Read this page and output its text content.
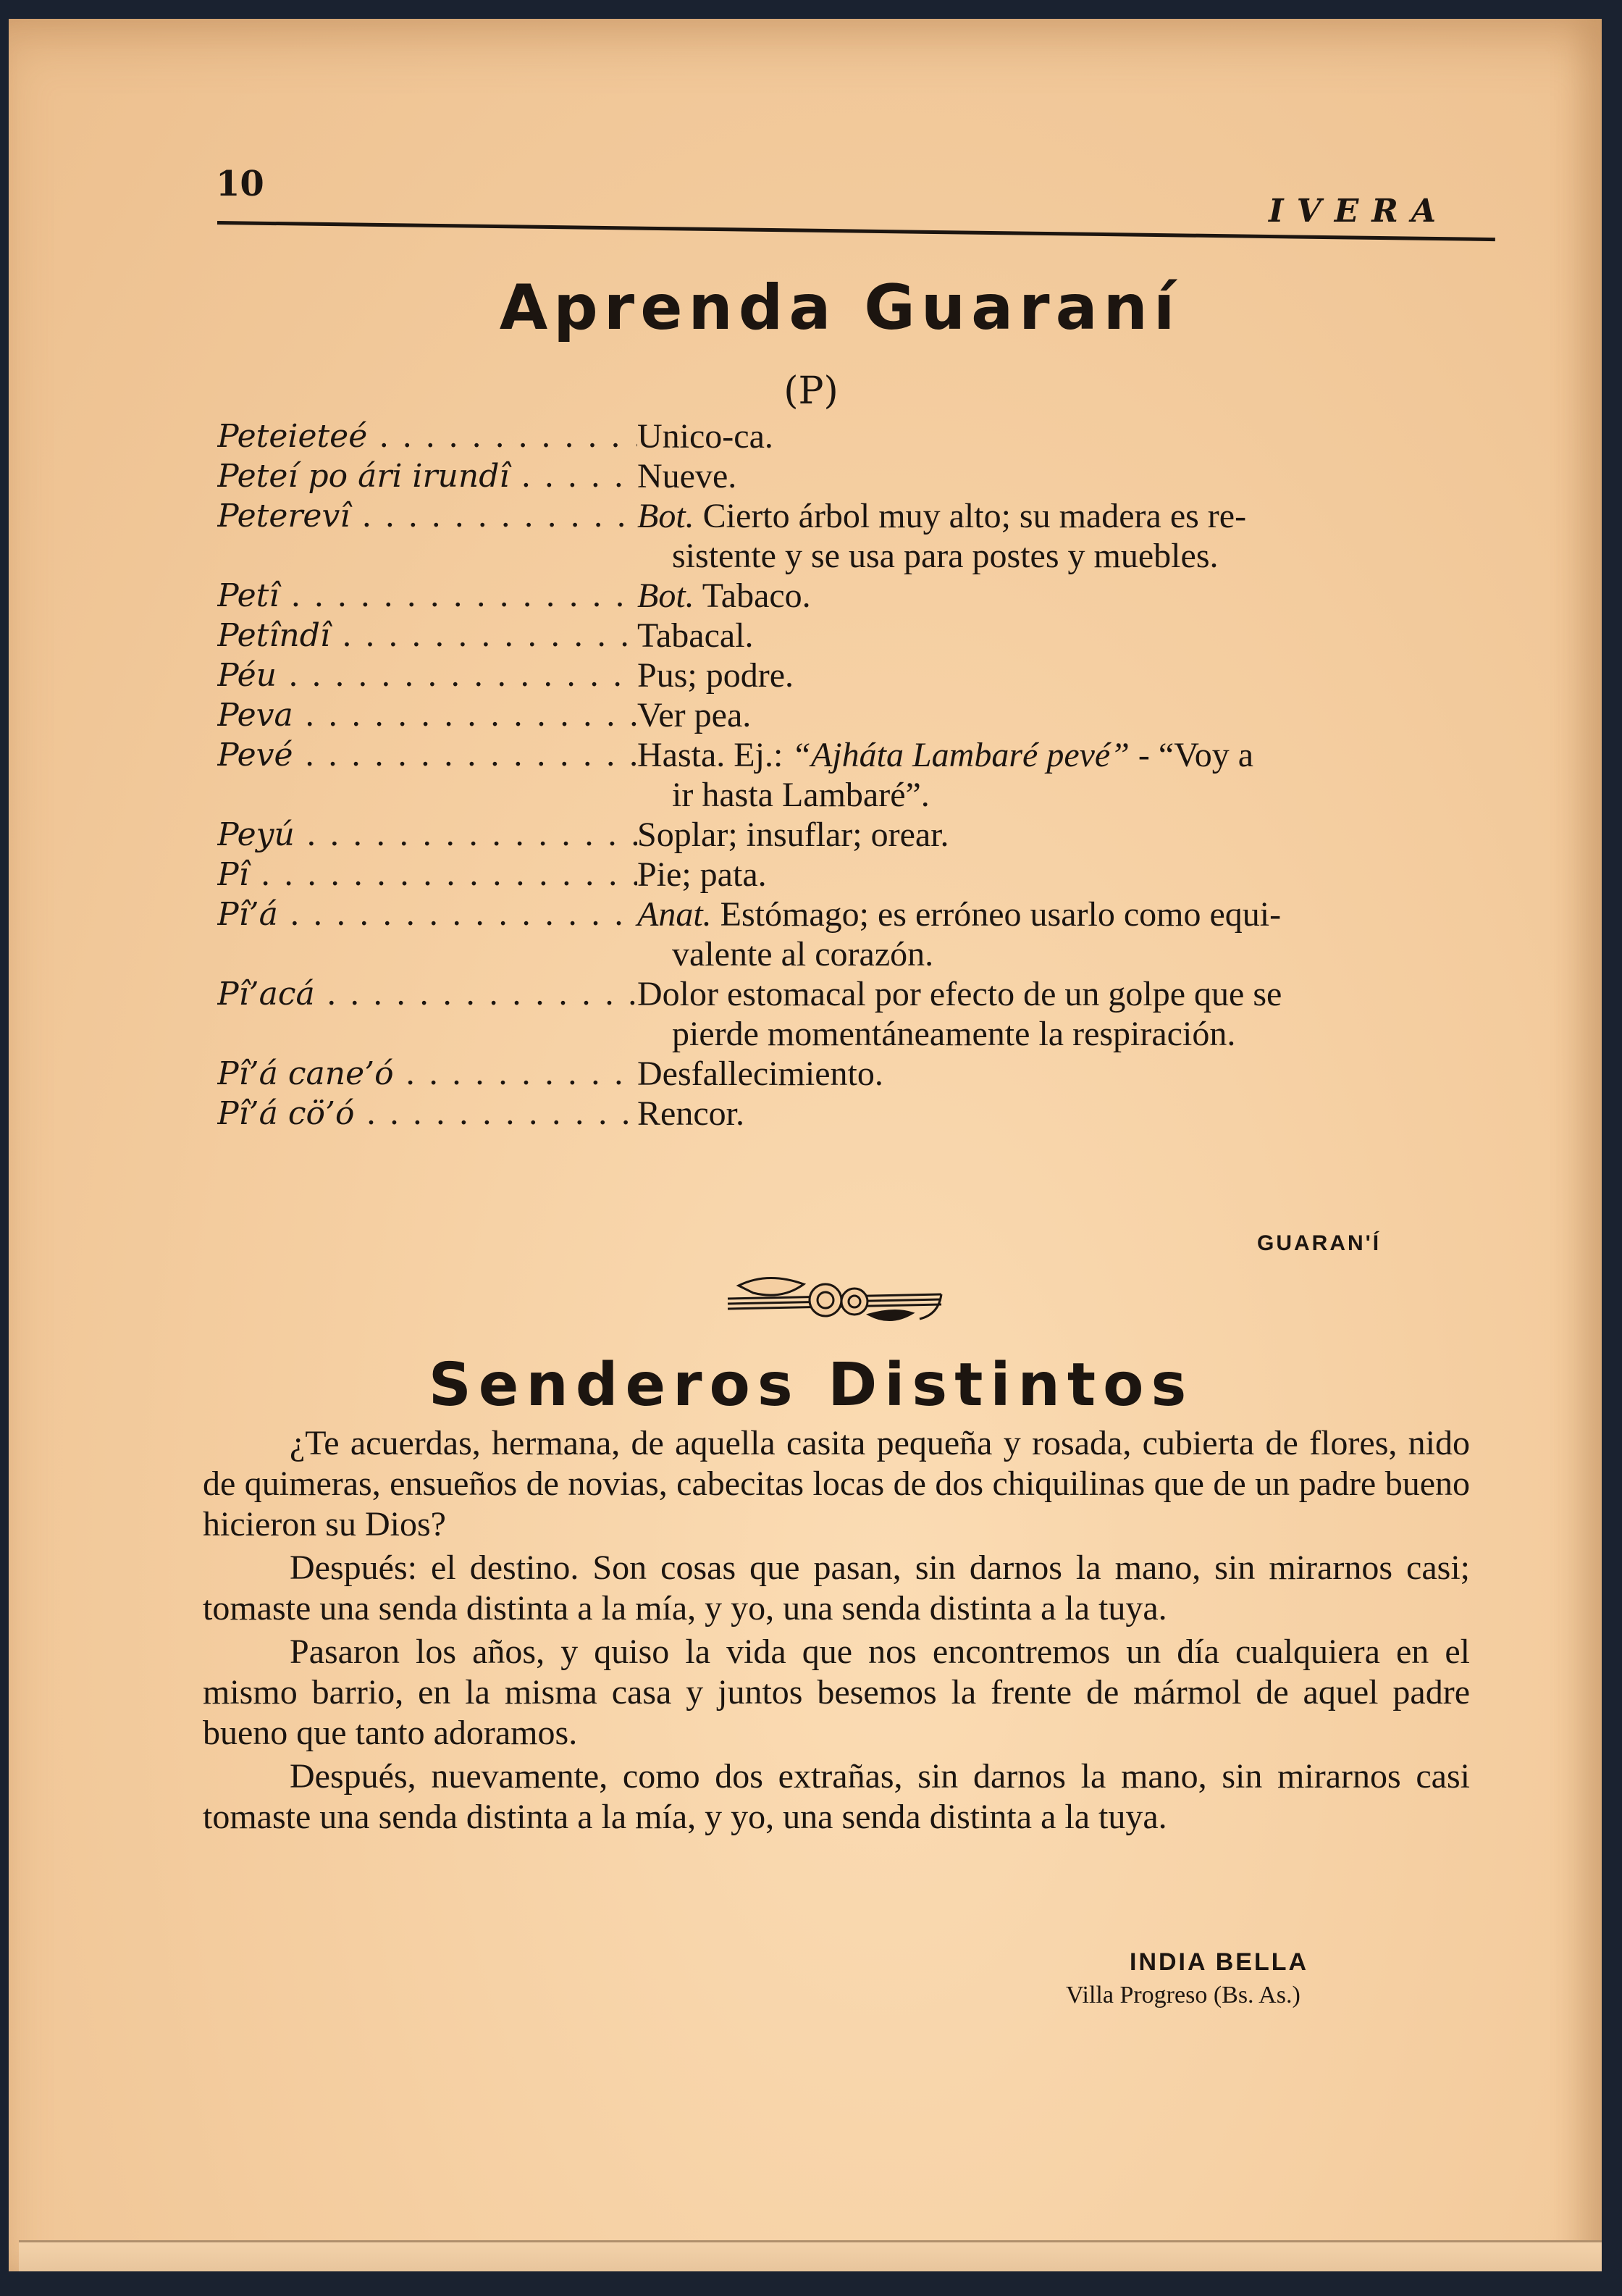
10
IVERA
Aprenda Guaraní
(P)
Peteieteé . . .	Unico-ca.
Peteí po ári irundî . . .	Nueve.
Peterevî . . .	Bot. Cierto árbol muy alto; su madera es re-
sistente y se usa para postes y muebles.
Petî . . .	Bot. Tabaco.
Petîndî . . .	Tabacal.
Péu . . .	Pus; podre.
Peva . . .	Ver pea.
Pevé . . .	Hasta. Ej.: “Ajháta Lambaré pevé” - “Voy a
ir hasta Lambaré”.
Peyú . . .	Soplar; insuflar; orear.
Pî . . .	Pie; pata.
Pî’á . . .	Anat. Estómago; es erróneo usarlo como equi-
valente al corazón.
Pî’acá . . .	Dolor estomacal por efecto de un golpe que se
pierde momentáneamente la respiración.
Pî’á cane’ó . . .	Desfallecimiento.
Pî’á cö’ó . . .	Rencor.
GUARAN'Í
Senderos Distintos

¿Te acuerdas, hermana, de aquella casita pequeña y rosada, cubierta de flores, nido de quimeras, ensueños de novias, cabecitas locas de dos chiquilinas que de un padre bueno hicieron su Dios?

Después: el destino. Son cosas que pasan, sin darnos la mano, sin mirarnos casi; tomaste una senda distinta a la mía, y yo, una senda distinta a la tuya.

Pasaron los años, y quiso la vida que nos encontremos un día cualquiera en el mismo barrio, en la misma casa y juntos besemos la frente de mármol de aquel padre bueno que tanto adoramos.

Después, nuevamente, como dos extrañas, sin darnos la mano, sin mirarnos casi tomaste una senda distinta a la mía, y yo, una senda distinta a la tuya.

INDIA BELLA
Villa Progreso (Bs. As.)
